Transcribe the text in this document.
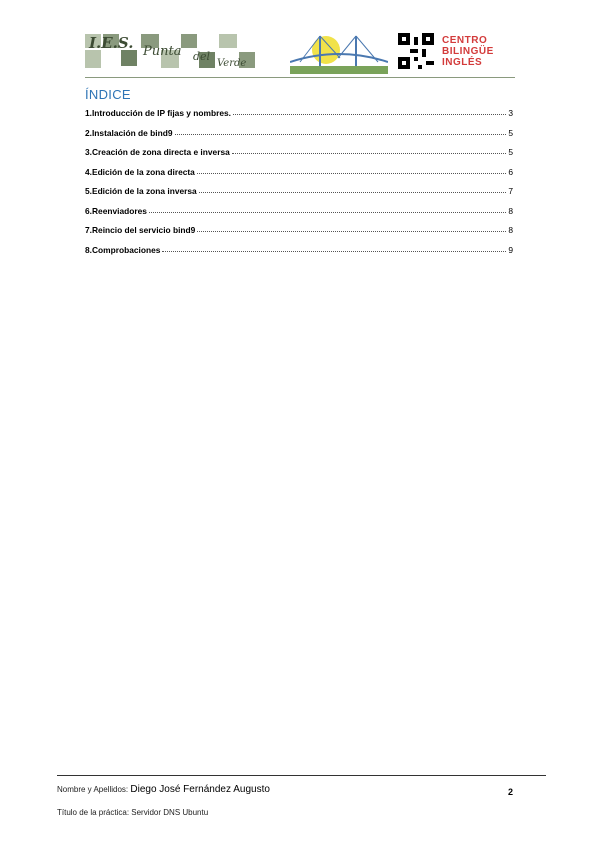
I.E.S. Punta del
Verde
CENTRO
BILINGÜE
INGLÉS
ÍNDICE
1.Introducción de IP fijas y nombres.	3
2.Instalación de bind9	5
3.Creación de zona directa e inversa	5
4.Edición de la zona directa	6
5.Edición de la zona inversa	7
6.Reenviadores	8
7.Reincio del servicio bind9	8
8.Comprobaciones	9
Nombre y Apellidos: Diego José Fernández Augusto	2
Título de la práctica: Servidor DNS Ubuntu
